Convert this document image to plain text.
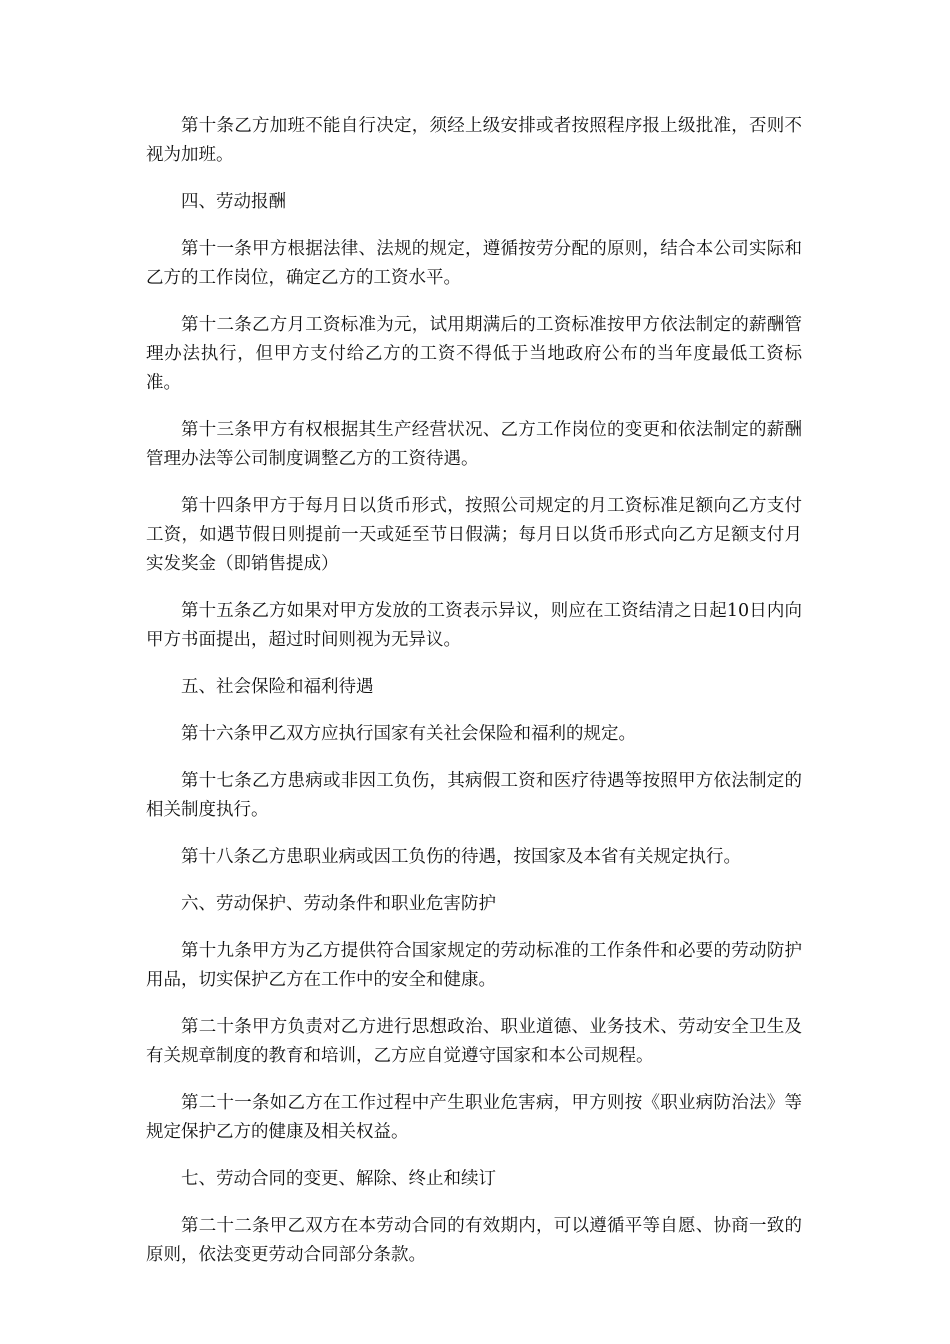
第十条乙方加班不能自行决定，须经上级安排或者按照程序报上级批准，否则不视为加班。

四、劳动报酬

第十一条甲方根据法律、法规的规定，遵循按劳分配的原则，结合本公司实际和乙方的工作岗位，确定乙方的工资水平。

第十二条乙方月工资标准为元，试用期满后的工资标准按甲方依法制定的薪酬管理办法执行，但甲方支付给乙方的工资不得低于当地政府公布的当年度最低工资标准。

第十三条甲方有权根据其生产经营状况、乙方工作岗位的变更和依法制定的薪酬管理办法等公司制度调整乙方的工资待遇。

第十四条甲方于每月日以货币形式，按照公司规定的月工资标准足额向乙方支付工资，如遇节假日则提前一天或延至节日假满；每月日以货币形式向乙方足额支付月实发奖金（即销售提成）

第十五条乙方如果对甲方发放的工资表示异议，则应在工资结清之日起10日内向甲方书面提出，超过时间则视为无异议。

五、社会保险和福利待遇

第十六条甲乙双方应执行国家有关社会保险和福利的规定。

第十七条乙方患病或非因工负伤，其病假工资和医疗待遇等按照甲方依法制定的相关制度执行。

第十八条乙方患职业病或因工负伤的待遇，按国家及本省有关规定执行。

六、劳动保护、劳动条件和职业危害防护

第十九条甲方为乙方提供符合国家规定的劳动标准的工作条件和必要的劳动防护用品，切实保护乙方在工作中的安全和健康。

第二十条甲方负责对乙方进行思想政治、职业道德、业务技术、劳动安全卫生及有关规章制度的教育和培训，乙方应自觉遵守国家和本公司规程。

第二十一条如乙方在工作过程中产生职业危害病，甲方则按《职业病防治法》等规定保护乙方的健康及相关权益。

七、劳动合同的变更、解除、终止和续订

第二十二条甲乙双方在本劳动合同的有效期内，可以遵循平等自愿、协商一致的原则，依法变更劳动合同部分条款。
